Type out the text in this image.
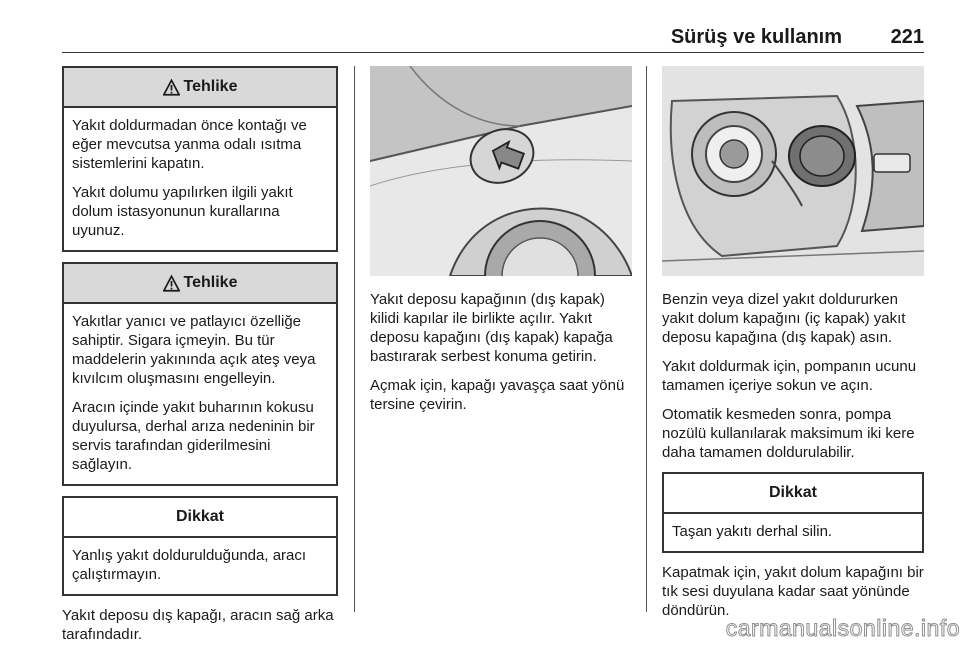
Sürüş ve kullanım 221
Tehlike

Yakıt doldurmadan önce kontağı ve eğer mevcutsa yanma odalı ısıtma sistemlerini kapatın.

Yakıt dolumu yapılırken ilgili yakıt dolum istasyonunun kurallarına uyunuz.

Tehlike

Yakıtlar yanıcı ve patlayıcı özelliğe sahiptir. Sigara içmeyin. Bu tür maddelerin yakınında açık ateş veya kıvılcım oluşmasını engelleyin.

Aracın içinde yakıt buharının kokusu duyulursa, derhal arıza nedeninin bir servis tarafından giderilmesini sağlayın.

Dikkat

Yanlış yakıt doldurulduğunda, aracı çalıştırmayın.

Yakıt deposu dış kapağı, aracın sağ arka tarafındadır.

Yakıt deposu kapağının (dış kapak) kilidi kapılar ile birlikte açılır. Yakıt deposu kapağını (dış kapak) kapağa bastırarak serbest konuma getirin.

Açmak için, kapağı yavaşça saat yönü tersine çevirin.

Benzin veya dizel yakıt doldururken yakıt dolum kapağını (iç kapak) yakıt deposu kapağına (dış kapak) asın.

Yakıt doldurmak için, pompanın ucunu tamamen içeriye sokun ve açın.

Otomatik kesmeden sonra, pompa nozülü kullanılarak maksimum iki kere daha tamamen doldurulabilir.

Dikkat

Taşan yakıtı derhal silin.

Kapatmak için, yakıt dolum kapağını bir tık sesi duyulana kadar saat yönünde döndürün.

carmanualsonline.info
